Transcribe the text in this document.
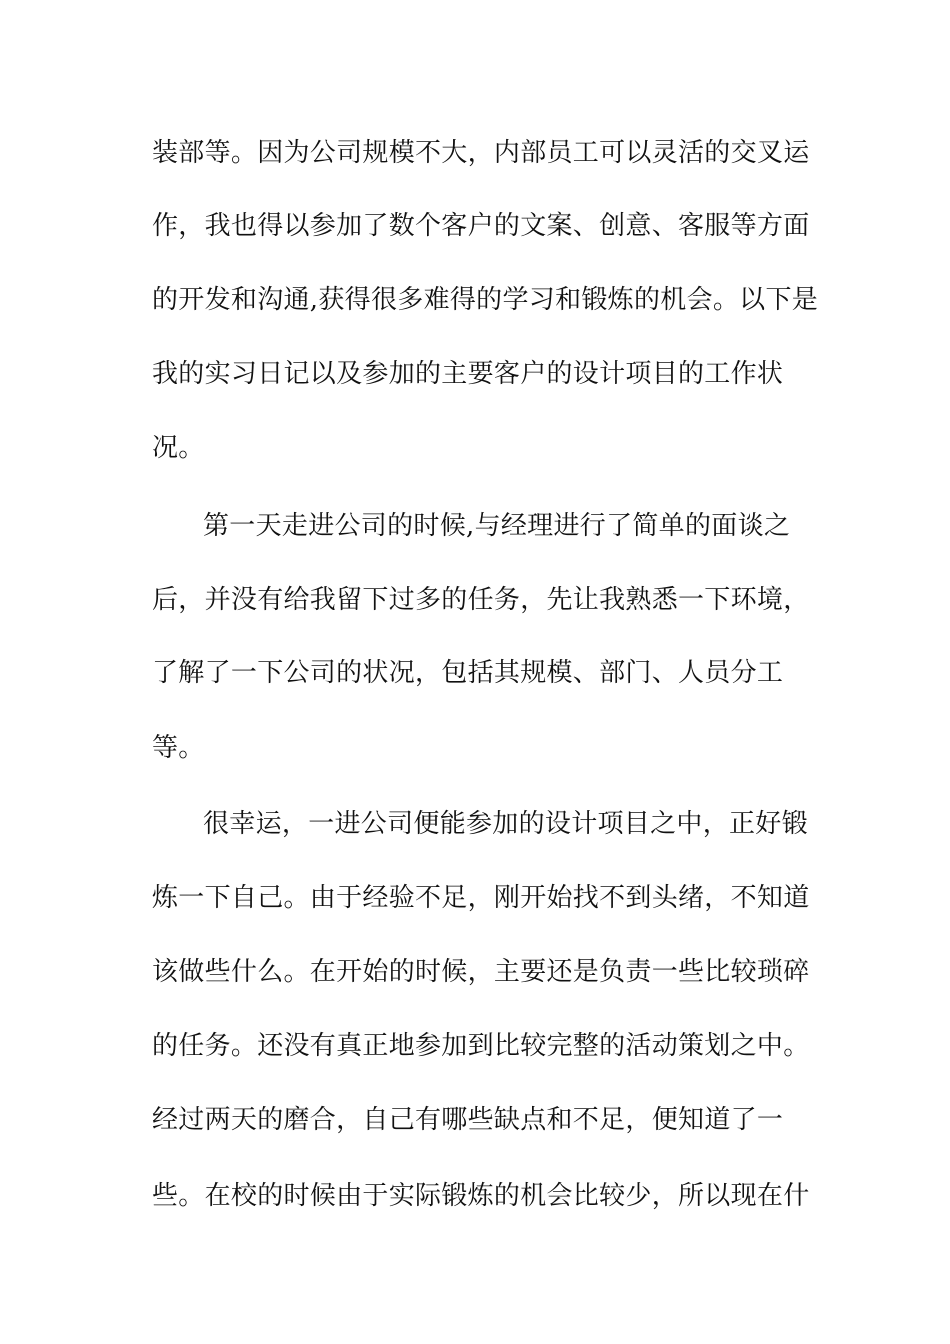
装部等。因为公司规模不大，内部员工可以灵活的交叉运
作，我也得以参加了数个客户的文案、创意、客服等方面
的开发和沟通,获得很多难得的学习和锻炼的机会。以下是
我的实习日记以及参加的主要客户的设计项目的工作状
况。
第一天走进公司的时候,与经理进行了简单的面谈之
后，并没有给我留下过多的任务，先让我熟悉一下环境，
了解了一下公司的状况，包括其规模、部门、人员分工
等。
很幸运，一进公司便能参加的设计项目之中，正好锻
炼一下自己。由于经验不足，刚开始找不到头绪，不知道
该做些什么。在开始的时候，主要还是负责一些比较琐碎
的任务。还没有真正地参加到比较完整的活动策划之中。
经过两天的磨合，自己有哪些缺点和不足，便知道了一
些。在校的时候由于实际锻炼的机会比较少，所以现在什
